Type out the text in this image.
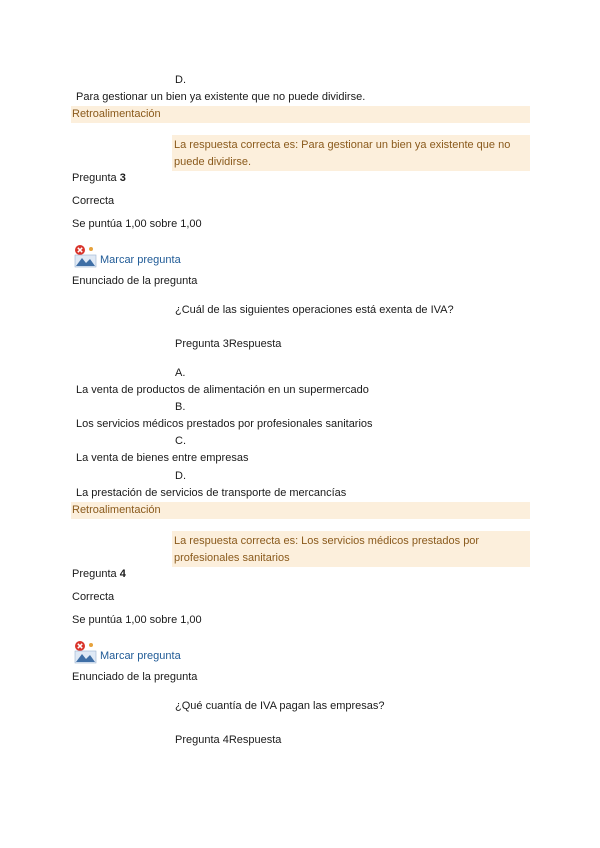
D.
Para gestionar un bien ya existente que no puede dividirse.
Retroalimentación
La respuesta correcta es: Para gestionar un bien ya existente que no
puede dividirse.
Pregunta 3
Correcta
Se puntúa 1,00 sobre 1,00
Marcar pregunta
Enunciado de la pregunta
¿Cuál de las siguientes operaciones está exenta de IVA?
Pregunta 3Respuesta
A.
La venta de productos de alimentación en un supermercado
B.
Los servicios médicos prestados por profesionales sanitarios
C.
La venta de bienes entre empresas
D.
La prestación de servicios de transporte de mercancías
Retroalimentación
La respuesta correcta es: Los servicios médicos prestados por
profesionales sanitarios
Pregunta 4
Correcta
Se puntúa 1,00 sobre 1,00
Marcar pregunta
Enunciado de la pregunta
¿Qué cuantía de IVA pagan las empresas?
Pregunta 4Respuesta
